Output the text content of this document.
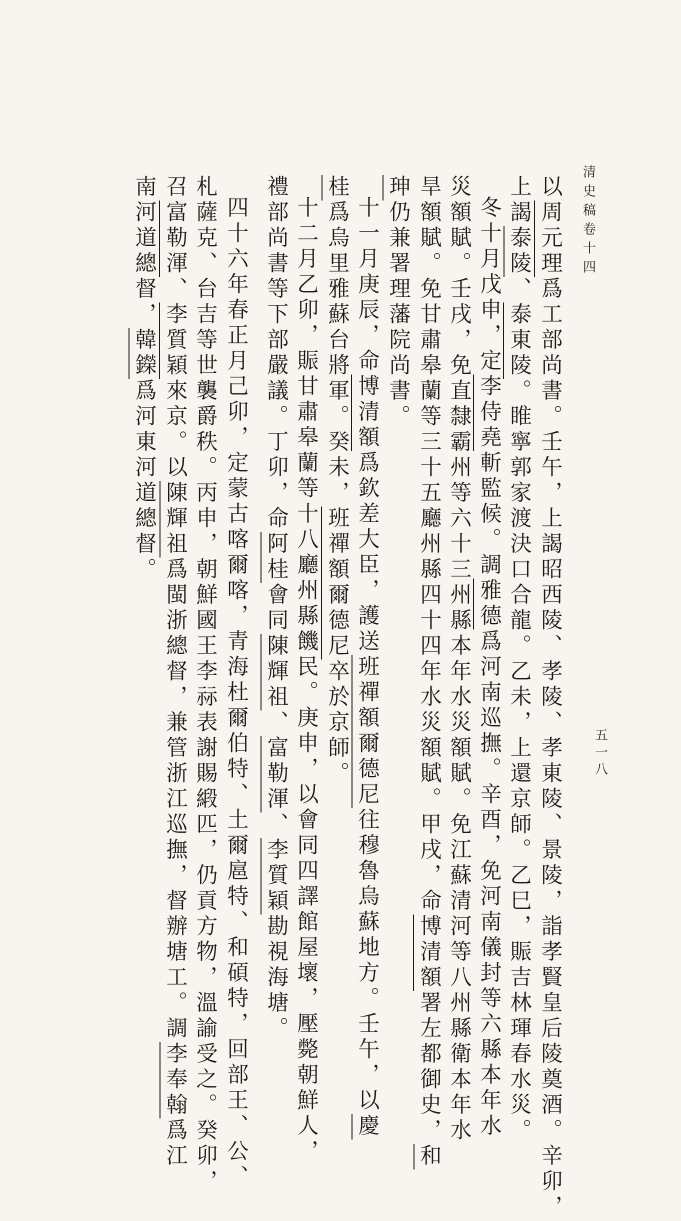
清史稿卷十四
五一八
以周元理爲工部尚書。壬午，上謁昭西陵、孝陵、孝東陵、景陵，詣孝賢皇后陵奠酒。辛卯，
上謁泰陵、泰東陵。睢寧郭家渡決口合龍。乙未，上還京師。乙巳，賑吉林琿春水災。
冬十月戊申，定李侍堯斬監候。調雅德爲河南巡撫。辛酉，免河南儀封等六縣本年水
災額賦。壬戌，免直隸霸州等六十三州縣本年水災額賦。免江蘇清河等八州縣衛本年水
旱額賦。免甘肅皋蘭等三十五廳州縣四十四年水災額賦。甲戌，命博清額署左都御史，和
珅仍兼署理藩院尚書。
十一月庚辰，命博清額爲欽差大臣，護送班禪額爾德尼往穆魯烏蘇地方。壬午，以慶
桂爲烏里雅蘇台將軍。癸未，班禪額爾德尼卒於京師。
十二月乙卯，賑甘肅皋蘭等十八廳州縣饑民。庚申，以會同四譯館屋壞，壓斃朝鮮人，
禮部尚書等下部嚴議。丁卯，命阿桂會同陳輝祖、富勒渾、李質穎勘視海塘。
四十六年春正月己卯，定蒙古喀爾喀，青海杜爾伯特、土爾扈特、和碩特，回部王、公、
札薩克、台吉等世襲爵秩。丙申，朝鮮國王李祘表謝賜緞匹，仍貢方物，溫諭受之。癸卯，
召富勒渾、李質穎來京。以陳輝祖爲閩浙總督，兼管浙江巡撫，督辦塘工。調李奉翰爲江
南河道總督，韓鑅爲河東河道總督。
